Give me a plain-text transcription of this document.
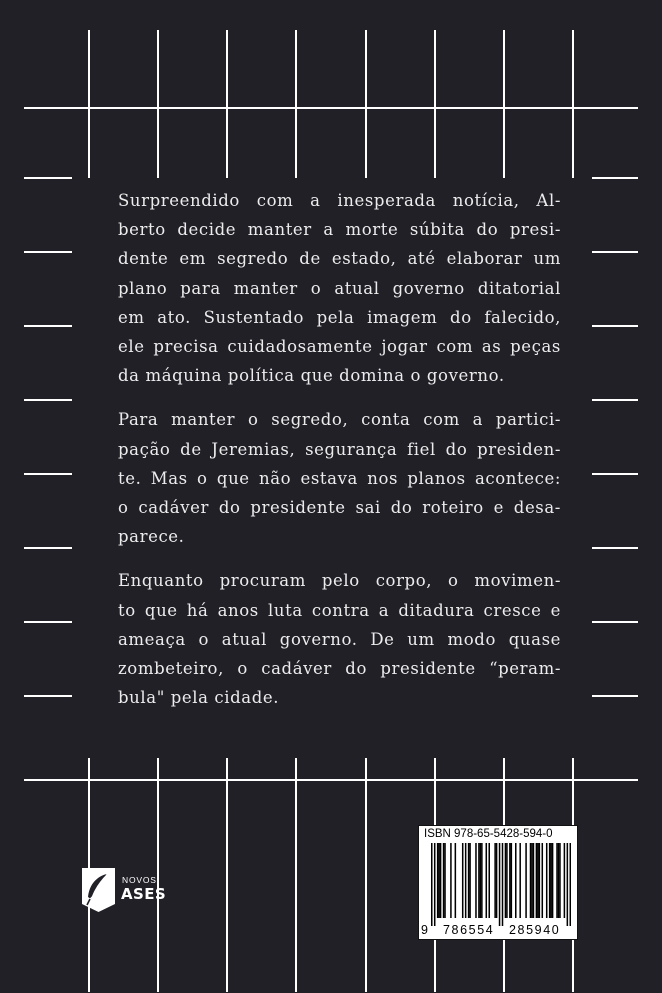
Surpreendido com a inesperada notícia, Al-
berto decide manter a morte súbita do presi-
dente em segredo de estado, até elaborar um
plano para manter o atual governo ditatorial
em ato. Sustentado pela imagem do falecido,
ele precisa cuidadosamente jogar com as peças
da máquina política que domina o governo.

Para manter o segredo, conta com a partici-
pação de Jeremias, segurança fiel do presiden-
te. Mas o que não estava nos planos acontece:
o cadáver do presidente sai do roteiro e desa-
parece.

Enquanto procuram pelo corpo, o movimen-
to que há anos luta contra a ditadura cresce e
ameaça o atual governo. De um modo quase
zombeteiro, o cadáver do presidente “peram-
bula" pela cidade.

NOVOS
ASES
ISBN 978-65-5428-594-0
9 786554 285940
